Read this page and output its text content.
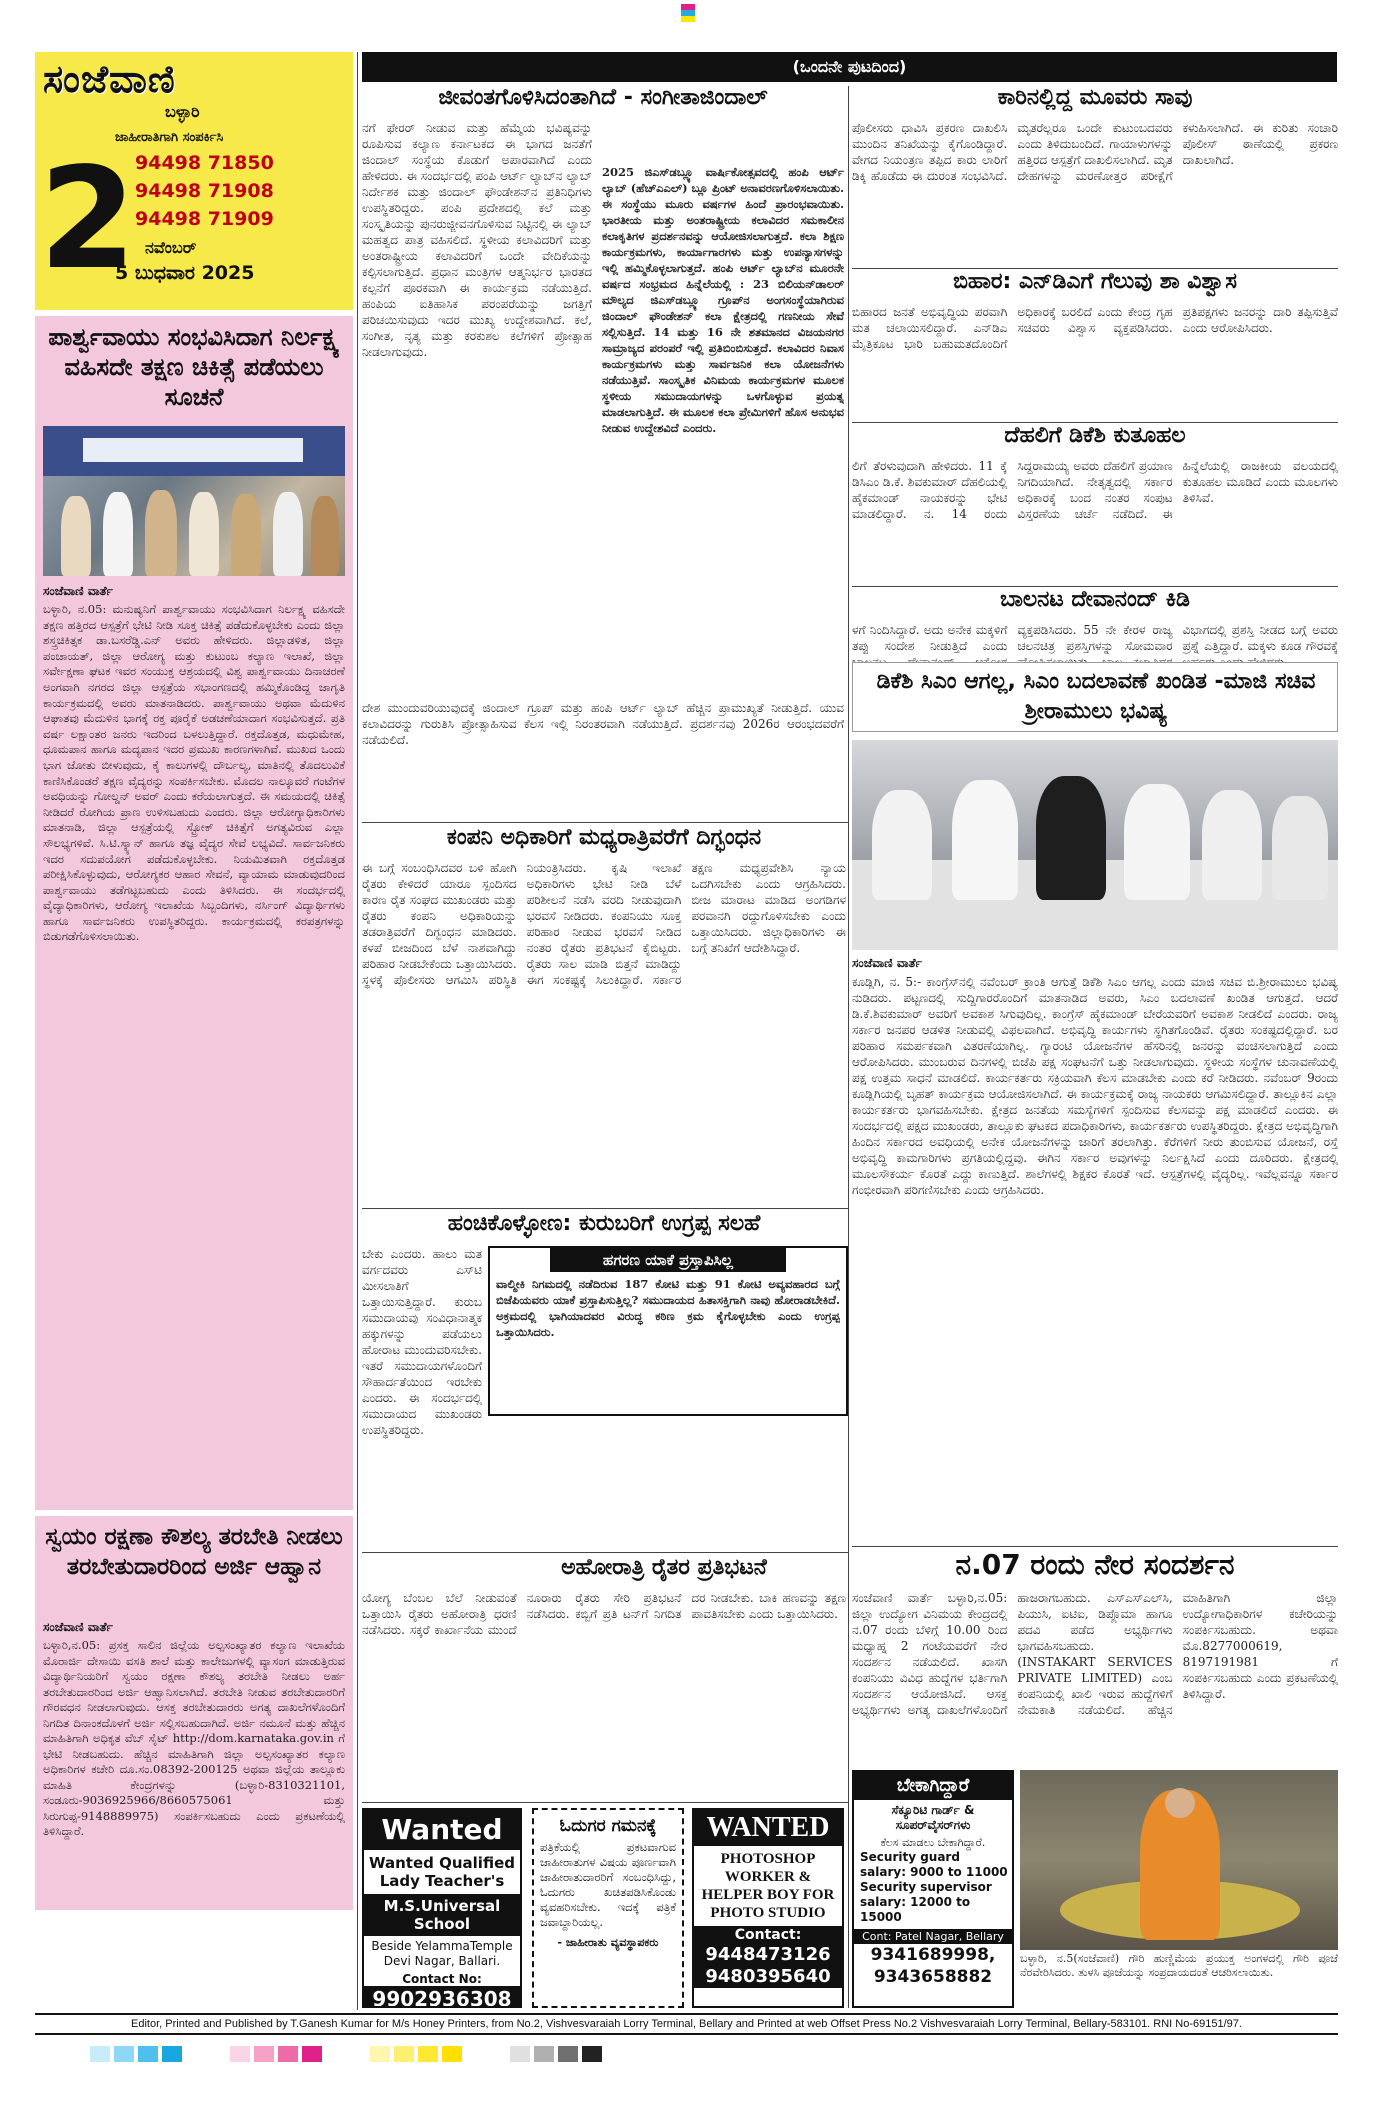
ಸಂಜೆವಾಣಿ
ಬಳ್ಳಾರಿ
ಜಾಹೀರಾತಿಗಾಗಿ ಸಂಪರ್ಕಿಸಿ
2
94498 71850
94498 71908
94498 71909
ನವೆಂಬರ್
5 ಬುಧವಾರ 2025
ಪಾರ್ಶ್ವವಾಯು ಸಂಭವಿಸಿದಾಗ ನಿರ್ಲಕ್ಷ್ಯ ವಹಿಸದೇ ತಕ್ಷಣ ಚಿಕಿತ್ಸೆ ಪಡೆಯಲು ಸೂಚನೆ
ಸಂಜೆವಾಣಿ ವಾರ್ತೆ
ಬಳ್ಳಾರಿ, ನ.05: ಮನುಷ್ಯನಿಗೆ ಪಾರ್ಶ್ವವಾಯು ಸಂಭವಿಸಿದಾಗ ನಿರ್ಲಕ್ಷ್ಯ ವಹಿಸದೇ ತಕ್ಷಣ ಹತ್ತಿರದ ಆಸ್ಪತ್ರೆಗೆ ಭೇಟಿ ನೀಡಿ ಸೂಕ್ತ ಚಿಕಿತ್ಸೆ ಪಡೆದುಕೊಳ್ಳಬೇಕು ಎಂದು ಜಿಲ್ಲಾ ಶಸ್ತ್ರಚಿಕಿತ್ಸಕ ಡಾ.ಬಸರೆಡ್ಡಿ.ಎನ್ ಅವರು ಹೇಳಿದರು. ಜಿಲ್ಲಾಡಳಿತ, ಜಿಲ್ಲಾ ಪಂಚಾಯತ್, ಜಿಲ್ಲಾ ಆರೋಗ್ಯ ಮತ್ತು ಕುಟುಂಬ ಕಲ್ಯಾಣ ಇಲಾಖೆ, ಜಿಲ್ಲಾ ಸರ್ವೇಕ್ಷಣಾ ಘಟಕ ಇವರ ಸಂಯುಕ್ತ ಆಶ್ರಯದಲ್ಲಿ ವಿಶ್ವ ಪಾರ್ಶ್ವವಾಯು ದಿನಾಚರಣೆ ಅಂಗವಾಗಿ ನಗರದ ಜಿಲ್ಲಾ ಆಸ್ಪತ್ರೆಯ ಸಭಾಂಗಣದಲ್ಲಿ ಹಮ್ಮಿಕೊಂಡಿದ್ದ ಜಾಗೃತಿ ಕಾರ್ಯಕ್ರಮದಲ್ಲಿ ಅವರು ಮಾತನಾಡಿದರು. ಪಾರ್ಶ್ವವಾಯು ಅಥವಾ ಮೆದುಳಿನ ಆಘಾತವು ಮೆದುಳಿನ ಭಾಗಕ್ಕೆ ರಕ್ತ ಪೂರೈಕೆ ಅಡಚಣೆಯಾದಾಗ ಸಂಭವಿಸುತ್ತದೆ. ಪ್ರತಿ ವರ್ಷ ಲಕ್ಷಾಂತರ ಜನರು ಇದರಿಂದ ಬಳಲುತ್ತಿದ್ದಾರೆ. ರಕ್ತದೊತ್ತಡ, ಮಧುಮೇಹ, ಧೂಮಪಾನ ಹಾಗೂ ಮದ್ಯಪಾನ ಇದರ ಪ್ರಮುಖ ಕಾರಣಗಳಾಗಿವೆ. ಮುಖದ ಒಂದು ಭಾಗ ಜೋತು ಬೀಳುವುದು, ಕೈ ಕಾಲುಗಳಲ್ಲಿ ದೌರ್ಬಲ್ಯ, ಮಾತಿನಲ್ಲಿ ತೊದಲುವಿಕೆ ಕಾಣಿಸಿಕೊಂಡರೆ ತಕ್ಷಣ ವೈದ್ಯರನ್ನು ಸಂಪರ್ಕಿಸಬೇಕು. ಮೊದಲ ನಾಲ್ಕೂವರೆ ಗಂಟೆಗಳ ಅವಧಿಯನ್ನು ಗೋಲ್ಡನ್ ಅವರ್ ಎಂದು ಕರೆಯಲಾಗುತ್ತದೆ. ಈ ಸಮಯದಲ್ಲಿ ಚಿಕಿತ್ಸೆ ನೀಡಿದರೆ ರೋಗಿಯ ಪ್ರಾಣ ಉಳಿಸಬಹುದು ಎಂದರು. ಜಿಲ್ಲಾ ಆರೋಗ್ಯಾಧಿಕಾರಿಗಳು ಮಾತನಾಡಿ, ಜಿಲ್ಲಾ ಆಸ್ಪತ್ರೆಯಲ್ಲಿ ಸ್ಟ್ರೋಕ್ ಚಿಕಿತ್ಸೆಗೆ ಅಗತ್ಯವಿರುವ ಎಲ್ಲಾ ಸೌಲಭ್ಯಗಳಿವೆ. ಸಿ.ಟಿ.ಸ್ಕ್ಯಾನ್ ಹಾಗೂ ತಜ್ಞ ವೈದ್ಯರ ಸೇವೆ ಲಭ್ಯವಿದೆ. ಸಾರ್ವಜನಿಕರು ಇದರ ಸದುಪಯೋಗ ಪಡೆದುಕೊಳ್ಳಬೇಕು. ನಿಯಮಿತವಾಗಿ ರಕ್ತದೊತ್ತಡ ಪರೀಕ್ಷಿಸಿಕೊಳ್ಳುವುದು, ಆರೋಗ್ಯಕರ ಆಹಾರ ಸೇವನೆ, ವ್ಯಾಯಾಮ ಮಾಡುವುದರಿಂದ ಪಾರ್ಶ್ವವಾಯು ತಡೆಗಟ್ಟಬಹುದು ಎಂದು ತಿಳಿಸಿದರು. ಈ ಸಂದರ್ಭದಲ್ಲಿ ವೈದ್ಯಾಧಿಕಾರಿಗಳು, ಆರೋಗ್ಯ ಇಲಾಖೆಯ ಸಿಬ್ಬಂದಿಗಳು, ನರ್ಸಿಂಗ್ ವಿದ್ಯಾರ್ಥಿಗಳು ಹಾಗೂ ಸಾರ್ವಜನಿಕರು ಉಪಸ್ಥಿತರಿದ್ದರು. ಕಾರ್ಯಕ್ರಮದಲ್ಲಿ ಕರಪತ್ರಗಳನ್ನು ಬಿಡುಗಡೆಗೊಳಿಸಲಾಯಿತು.
ಸ್ವಯಂ ರಕ್ಷಣಾ ಕೌಶಲ್ಯ ತರಬೇತಿ ನೀಡಲು ತರಬೇತುದಾರರಿಂದ ಅರ್ಜಿ ಆಹ್ವಾನ
ಸಂಜೆವಾಣಿ ವಾರ್ತೆ
ಬಳ್ಳಾರಿ,ನ.05: ಪ್ರಸಕ್ತ ಸಾಲಿನ ಜಿಲ್ಲೆಯ ಅಲ್ಪಸಂಖ್ಯಾತರ ಕಲ್ಯಾಣ ಇಲಾಖೆಯ ಮೊರಾರ್ಜಿ ದೇಸಾಯಿ ವಸತಿ ಶಾಲೆ ಮತ್ತು ಕಾಲೇಜುಗಳಲ್ಲಿ ವ್ಯಾಸಂಗ ಮಾಡುತ್ತಿರುವ ವಿದ್ಯಾರ್ಥಿನಿಯರಿಗೆ ಸ್ವಯಂ ರಕ್ಷಣಾ ಕೌಶಲ್ಯ ತರಬೇತಿ ನೀಡಲು ಅರ್ಹ ತರಬೇತುದಾರರಿಂದ ಅರ್ಜಿ ಆಹ್ವಾನಿಸಲಾಗಿದೆ. ತರಬೇತಿ ನೀಡುವ ತರಬೇತುದಾರರಿಗೆ ಗೌರವಧನ ನೀಡಲಾಗುವುದು. ಆಸಕ್ತ ತರಬೇತುದಾರರು ಅಗತ್ಯ ದಾಖಲೆಗಳೊಂದಿಗೆ ನಿಗದಿತ ದಿನಾಂಕದೊಳಗೆ ಅರ್ಜಿ ಸಲ್ಲಿಸಬಹುದಾಗಿದೆ. ಅರ್ಜಿ ನಮೂನೆ ಮತ್ತು ಹೆಚ್ಚಿನ ಮಾಹಿತಿಗಾಗಿ ಅಧಿಕೃತ ವೆಬ್ ಸೈಟ್ http://dom.karnataka.gov.in ಗೆ ಭೇಟಿ ನೀಡಬಹುದು. ಹೆಚ್ಚಿನ ಮಾಹಿತಿಗಾಗಿ ಜಿಲ್ಲಾ ಅಲ್ಪಸಂಖ್ಯಾತರ ಕಲ್ಯಾಣ ಅಧಿಕಾರಿಗಳ ಕಚೇರಿ ದೂ.ಸಂ.08392-200125 ಅಥವಾ ಜಿಲ್ಲೆಯ ತಾಲ್ಲೂಕು ಮಾಹಿತಿ ಕೇಂದ್ರಗಳನ್ನು (ಬಳ್ಳಾರಿ-8310321101, ಸಂಡೂರು-9036925966/8660575061 ಮತ್ತು ಸಿರುಗುಪ್ಪ-9148889975) ಸಂಪರ್ಕಿಸಬಹುದು ಎಂದು ಪ್ರಕಟಣೆಯಲ್ಲಿ ತಿಳಿಸಿದ್ದಾರೆ.
(ಒಂದನೇ ಪುಟದಿಂದ)
ಜೀವಂತಗೊಳಿಸಿದಂತಾಗಿದೆ - ಸಂಗೀತಾಜಿಂದಾಲ್
ನಗೆ ಫೇರರ್ ನೀಡುವ ಮತ್ತು ಹೆಮ್ಮೆಯ ಭವಿಷ್ಯವನ್ನು ರೂಪಿಸುವ ಕಲ್ಯಾಣ ಕರ್ನಾಟಕದ ಈ ಭಾಗದ ಜನತೆಗೆ ಜಿಂದಾಲ್ ಸಂಸ್ಥೆಯ ಕೊಡುಗೆ ಅಪಾರವಾಗಿದೆ ಎಂದು ಹೇಳಿದರು. ಈ ಸಂದರ್ಭದಲ್ಲಿ ಪಂಪಿ ಆರ್ಟ್ ಲ್ಯಾಬ್‌ನ ಲ್ಯಾಬ್ ನಿರ್ದೇಶಕ ಮತ್ತು ಜಿಂದಾಲ್ ಫೌಂಡೇಶನ್‌ನ ಪ್ರತಿನಿಧಿಗಳು ಉಪಸ್ಥಿತರಿದ್ದರು. ಪಂಪಿ ಪ್ರದೇಶದಲ್ಲಿ ಕಲೆ ಮತ್ತು ಸಂಸ್ಕೃತಿಯನ್ನು ಪುನರುಜ್ಜೀವನಗೊಳಿಸುವ ನಿಟ್ಟಿನಲ್ಲಿ ಈ ಲ್ಯಾಬ್ ಮಹತ್ವದ ಪಾತ್ರ ವಹಿಸಲಿದೆ. ಸ್ಥಳೀಯ ಕಲಾವಿದರಿಗೆ ಮತ್ತು ಅಂತರಾಷ್ಟ್ರೀಯ ಕಲಾವಿದರಿಗೆ ಒಂದೇ ವೇದಿಕೆಯನ್ನು ಕಲ್ಪಿಸಲಾಗುತ್ತಿದೆ. ಪ್ರಧಾನ ಮಂತ್ರಿಗಳ ಆತ್ಮನಿರ್ಭರ ಭಾರತದ ಕಲ್ಪನೆಗೆ ಪೂರಕವಾಗಿ ಈ ಕಾರ್ಯಕ್ರಮ ನಡೆಯುತ್ತಿದೆ. ಹಂಪಿಯ ಐತಿಹಾಸಿಕ ಪರಂಪರೆಯನ್ನು ಜಗತ್ತಿಗೆ ಪರಿಚಯಿಸುವುದು ಇದರ ಮುಖ್ಯ ಉದ್ದೇಶವಾಗಿದೆ. ಕಲೆ, ಸಂಗೀತ, ನೃತ್ಯ ಮತ್ತು ಕರಕುಶಲ ಕಲೆಗಳಿಗೆ ಪ್ರೋತ್ಸಾಹ ನೀಡಲಾಗುವುದು.
2025 ಜಿಎಸ್‌ಡಬ್ಲ್ಯೂ ವಾರ್ಷಿಕೋತ್ಸವದಲ್ಲಿ ಹಂಪಿ ಆರ್ಟ್ ಲ್ಯಾಬ್ (ಹೆಚ್‌ಎಎಲ್) ಬ್ಲೂ ಪ್ರಿಂಟ್ ಅನಾವರಣಗೊಳಿಸಲಾಯಿತು. ಈ ಸಂಸ್ಥೆಯು ಮೂರು ವರ್ಷಗಳ ಹಿಂದೆ ಪ್ರಾರಂಭವಾಯಿತು. ಭಾರತೀಯ ಮತ್ತು ಅಂತರಾಷ್ಟ್ರೀಯ ಕಲಾವಿದರ ಸಮಕಾಲೀನ ಕಲಾಕೃತಿಗಳ ಪ್ರದರ್ಶನವನ್ನು ಆಯೋಜಿಸಲಾಗುತ್ತದೆ. ಕಲಾ ಶಿಕ್ಷಣ ಕಾರ್ಯಕ್ರಮಗಳು, ಕಾರ್ಯಾಗಾರಗಳು ಮತ್ತು ಉಪನ್ಯಾಸಗಳನ್ನು ಇಲ್ಲಿ ಹಮ್ಮಿಕೊಳ್ಳಲಾಗುತ್ತದೆ. ಹಂಪಿ ಆರ್ಟ್ ಲ್ಯಾಬ್‌ನ ಮೂರನೇ ವರ್ಷದ ಸಂಭ್ರಮದ ಹಿನ್ನೆಲೆಯಲ್ಲಿ : 23 ಬಿಲಿಯನ್‌ಡಾಲರ್ ಮೌಲ್ಯದ ಜಿಎಸ್‌ಡಬ್ಲ್ಯೂ ಗ್ರೂಪ್‌ನ ಅಂಗಸಂಸ್ಥೆಯಾಗಿರುವ ಜಿಂದಾಲ್ ಫೌಂಡೇಶನ್ ಕಲಾ ಕ್ಷೇತ್ರದಲ್ಲಿ ಗಣನೀಯ ಸೇವೆ ಸಲ್ಲಿಸುತ್ತಿದೆ. 14 ಮತ್ತು 16 ನೇ ಶತಮಾನದ ವಿಜಯನಗರ ಸಾಮ್ರಾಜ್ಯದ ಪರಂಪರೆ ಇಲ್ಲಿ ಪ್ರತಿಬಿಂಬಿಸುತ್ತದೆ. ಕಲಾವಿದರ ನಿವಾಸ ಕಾರ್ಯಕ್ರಮಗಳು ಮತ್ತು ಸಾರ್ವಜನಿಕ ಕಲಾ ಯೋಜನೆಗಳು ನಡೆಯುತ್ತಿವೆ. ಸಾಂಸ್ಕೃತಿಕ ವಿನಿಮಯ ಕಾರ್ಯಕ್ರಮಗಳ ಮೂಲಕ ಸ್ಥಳೀಯ ಸಮುದಾಯಗಳನ್ನು ಒಳಗೊಳ್ಳುವ ಪ್ರಯತ್ನ ಮಾಡಲಾಗುತ್ತಿದೆ. ಈ ಮೂಲಕ ಕಲಾ ಪ್ರೇಮಿಗಳಿಗೆ ಹೊಸ ಅನುಭವ ನೀಡುವ ಉದ್ದೇಶವಿದೆ ಎಂದರು.
ದೇಶ ಮುಂದುವರಿಯುವುದಕ್ಕೆ ಜಿಂದಾಲ್ ಗ್ರೂಪ್ ಮತ್ತು ಹಂಪಿ ಆರ್ಟ್ ಲ್ಯಾಬ್ ಹೆಚ್ಚಿನ ಪ್ರಾಮುಖ್ಯತೆ ನೀಡುತ್ತಿದೆ. ಯುವ ಕಲಾವಿದರನ್ನು ಗುರುತಿಸಿ ಪ್ರೋತ್ಸಾಹಿಸುವ ಕೆಲಸ ಇಲ್ಲಿ ನಿರಂತರವಾಗಿ ನಡೆಯುತ್ತಿದೆ. ಪ್ರದರ್ಶನವು 2026ರ ಆರಂಭದವರೆಗೆ ನಡೆಯಲಿದೆ.
ಕಂಪನಿ ಅಧಿಕಾರಿಗೆ ಮಧ್ಯರಾತ್ರಿವರೆಗೆ ದಿಗ್ಭಂಧನ
ಈ ಬಗ್ಗೆ ಸಂಬಂಧಿಸಿದವರ ಬಳಿ ಹೋಗಿ ರೈತರು ಕೇಳಿದರೆ ಯಾರೂ ಸ್ಪಂದಿಸದ ಕಾರಣ ರೈತ ಸಂಘದ ಮುಖಂಡರು ಮತ್ತು ರೈತರು ಕಂಪನಿ ಅಧಿಕಾರಿಯನ್ನು ತಡರಾತ್ರಿವರೆಗೆ ದಿಗ್ಭಂಧನ ಮಾಡಿದರು. ಕಳಪೆ ಬೀಜದಿಂದ ಬೆಳೆ ನಾಶವಾಗಿದ್ದು ಪರಿಹಾರ ನೀಡಬೇಕೆಂದು ಒತ್ತಾಯಿಸಿದರು. ಸ್ಥಳಕ್ಕೆ ಪೊಲೀಸರು ಆಗಮಿಸಿ ಪರಿಸ್ಥಿತಿ ನಿಯಂತ್ರಿಸಿದರು. ಕೃಷಿ ಇಲಾಖೆ ಅಧಿಕಾರಿಗಳು ಭೇಟಿ ನೀಡಿ ಬೆಳೆ ಪರಿಶೀಲನೆ ನಡೆಸಿ ವರದಿ ನೀಡುವುದಾಗಿ ಭರವಸೆ ನೀಡಿದರು. ಕಂಪನಿಯು ಸೂಕ್ತ ಪರಿಹಾರ ನೀಡುವ ಭರವಸೆ ನೀಡಿದ ನಂತರ ರೈತರು ಪ್ರತಿಭಟನೆ ಕೈಬಿಟ್ಟರು. ರೈತರು ಸಾಲ ಮಾಡಿ ಬಿತ್ತನೆ ಮಾಡಿದ್ದು ಈಗ ಸಂಕಷ್ಟಕ್ಕೆ ಸಿಲುಕಿದ್ದಾರೆ. ಸರ್ಕಾರ ತಕ್ಷಣ ಮಧ್ಯಪ್ರವೇಶಿಸಿ ನ್ಯಾಯ ಒದಗಿಸಬೇಕು ಎಂದು ಆಗ್ರಹಿಸಿದರು. ಬೀಜ ಮಾರಾಟ ಮಾಡಿದ ಅಂಗಡಿಗಳ ಪರವಾನಗಿ ರದ್ದುಗೊಳಿಸಬೇಕು ಎಂದು ಒತ್ತಾಯಿಸಿದರು. ಜಿಲ್ಲಾಧಿಕಾರಿಗಳು ಈ ಬಗ್ಗೆ ತನಿಖೆಗೆ ಆದೇಶಿಸಿದ್ದಾರೆ.
ಹಂಚಿಕೊಳ್ಳೋಣ: ಕುರುಬರಿಗೆ ಉಗ್ರಪ್ಪ ಸಲಹೆ
ಬೇಕು ಎಂದರು. ಹಾಲು ಮತ ವರ್ಗದವರು ಎಸ್‌ಟಿ ಮೀಸಲಾತಿಗೆ ಒತ್ತಾಯಿಸುತ್ತಿದ್ದಾರೆ. ಕುರುಬ ಸಮುದಾಯವು ಸಂವಿಧಾನಾತ್ಮಕ ಹಕ್ಕುಗಳನ್ನು ಪಡೆಯಲು ಹೋರಾಟ ಮುಂದುವರಿಸಬೇಕು. ಇತರೆ ಸಮುದಾಯಗಳೊಂದಿಗೆ ಸೌಹಾರ್ದತೆಯಿಂದ ಇರಬೇಕು ಎಂದರು. ಈ ಸಂದರ್ಭದಲ್ಲಿ ಸಮುದಾಯದ ಮುಖಂಡರು ಉಪಸ್ಥಿತರಿದ್ದರು.
ಹಗರಣ ಯಾಕೆ ಪ್ರಸ್ತಾಪಿಸಿಲ್ಲ
ವಾಲ್ಮೀಕಿ ನಿಗಮದಲ್ಲಿ ನಡೆದಿರುವ 187 ಕೋಟಿ ಮತ್ತು 91 ಕೋಟಿ ಅವ್ಯವಹಾರದ ಬಗ್ಗೆ ಬಿಜೆಪಿಯವರು ಯಾಕೆ ಪ್ರಸ್ತಾಪಿಸುತ್ತಿಲ್ಲ? ಸಮುದಾಯದ ಹಿತಾಸಕ್ತಿಗಾಗಿ ನಾವು ಹೋರಾಡಬೇಕಿದೆ. ಅಕ್ರಮದಲ್ಲಿ ಭಾಗಿಯಾದವರ ವಿರುದ್ಧ ಕಠಿಣ ಕ್ರಮ ಕೈಗೊಳ್ಳಬೇಕು ಎಂದು ಉಗ್ರಪ್ಪ ಒತ್ತಾಯಿಸಿದರು.
ಅಹೋರಾತ್ರಿ ರೈತರ ಪ್ರತಿಭಟನೆ
ಯೋಗ್ಯ ಬೆಂಬಲ ಬೆಲೆ ನೀಡುವಂತೆ ಒತ್ತಾಯಿಸಿ ರೈತರು ಅಹೋರಾತ್ರಿ ಧರಣಿ ನಡೆಸಿದರು. ಸಕ್ಕರೆ ಕಾರ್ಖಾನೆಯ ಮುಂದೆ ನೂರಾರು ರೈತರು ಸೇರಿ ಪ್ರತಿಭಟನೆ ನಡೆಸಿದರು. ಕಬ್ಬಿಗೆ ಪ್ರತಿ ಟನ್‌ಗೆ ನಿಗದಿತ ದರ ನೀಡಬೇಕು. ಬಾಕಿ ಹಣವನ್ನು ತಕ್ಷಣ ಪಾವತಿಸಬೇಕು ಎಂದು ಒತ್ತಾಯಿಸಿದರು.
ಕಾರಿನಲ್ಲಿದ್ದ ಮೂವರು ಸಾವು
ಪೊಲೀಸರು ಧಾವಿಸಿ ಪ್ರಕರಣ ದಾಖಲಿಸಿ ಮುಂದಿನ ತನಿಖೆಯನ್ನು ಕೈಗೊಂಡಿದ್ದಾರೆ. ವೇಗದ ನಿಯಂತ್ರಣ ತಪ್ಪಿದ ಕಾರು ಲಾರಿಗೆ ಡಿಕ್ಕಿ ಹೊಡೆದು ಈ ದುರಂತ ಸಂಭವಿಸಿದೆ. ಮೃತರೆಲ್ಲರೂ ಒಂದೇ ಕುಟುಂಬದವರು ಎಂದು ತಿಳಿದುಬಂದಿದೆ. ಗಾಯಾಳುಗಳನ್ನು ಹತ್ತಿರದ ಆಸ್ಪತ್ರೆಗೆ ದಾಖಲಿಸಲಾಗಿದೆ. ಮೃತ ದೇಹಗಳನ್ನು ಮರಣೋತ್ತರ ಪರೀಕ್ಷೆಗೆ ಕಳುಹಿಸಲಾಗಿದೆ. ಈ ಕುರಿತು ಸಂಚಾರಿ ಪೊಲೀಸ್ ಠಾಣೆಯಲ್ಲಿ ಪ್ರಕರಣ ದಾಖಲಾಗಿದೆ.
ಬಿಹಾರ: ಎನ್‌ಡಿಎಗೆ ಗೆಲುವು ಶಾ ವಿಶ್ವಾಸ
ಬಿಹಾರದ ಜನತೆ ಅಭಿವೃದ್ಧಿಯ ಪರವಾಗಿ ಮತ ಚಲಾಯಿಸಲಿದ್ದಾರೆ. ಎನ್‌ಡಿಎ ಮೈತ್ರಿಕೂಟ ಭಾರಿ ಬಹುಮತದೊಂದಿಗೆ ಅಧಿಕಾರಕ್ಕೆ ಬರಲಿದೆ ಎಂದು ಕೇಂದ್ರ ಗೃಹ ಸಚಿವರು ವಿಶ್ವಾಸ ವ್ಯಕ್ತಪಡಿಸಿದರು. ಪ್ರತಿಪಕ್ಷಗಳು ಜನರನ್ನು ದಾರಿ ತಪ್ಪಿಸುತ್ತಿವೆ ಎಂದು ಆರೋಪಿಸಿದರು.
ದೆಹಲಿಗೆ ಡಿಕೆಶಿ ಕುತೂಹಲ
ಲಿಗೆ ತೆರಳುವುದಾಗಿ ಹೇಳಿದರು. 11 ಕ್ಕೆ ಡಿಸಿಎಂ ಡಿ.ಕೆ. ಶಿವಕುಮಾರ್ ದೆಹಲಿಯಲ್ಲಿ ಹೈಕಮಾಂಡ್ ನಾಯಕರನ್ನು ಭೇಟಿ ಮಾಡಲಿದ್ದಾರೆ. ನ. 14 ರಂದು ಸಿದ್ದರಾಮಯ್ಯ ಅವರು ದೆಹಲಿಗೆ ಪ್ರಯಾಣ ನಿಗದಿಯಾಗಿದೆ. ನೇತೃತ್ವದಲ್ಲಿ ಸರ್ಕಾರ ಅಧಿಕಾರಕ್ಕೆ ಬಂದ ನಂತರ ಸಂಪುಟ ವಿಸ್ತರಣೆಯ ಚರ್ಚೆ ನಡೆದಿದೆ. ಈ ಹಿನ್ನೆಲೆಯಲ್ಲಿ ರಾಜಕೀಯ ವಲಯದಲ್ಲಿ ಕುತೂಹಲ ಮೂಡಿದೆ ಎಂದು ಮೂಲಗಳು ತಿಳಿಸಿವೆ.
ಬಾಲನಟ ದೇವಾನಂದ್ ಕಿಡಿ
ಳಗೆ ನಿಂದಿಸಿದ್ದಾರೆ. ಅದು ಅನೇಕ ಮಕ್ಕಳಿಗೆ ತಪ್ಪು ಸಂದೇಶ ನೀಡುತ್ತಿದೆ ಎಂದು ವ್ಯಕ್ತಪಡಿಸಿದರು. 55 ನೇ ಕೇರಳ ರಾಜ್ಯ ಚಲನಚಿತ್ರ ಪ್ರಶಸ್ತಿಗಳನ್ನು ಸೋಮವಾರ ವಿಭಾಗದಲ್ಲಿ ಪ್ರಶಸ್ತಿ ನೀಡದ ಬಗ್ಗೆ ಅವರು ಪ್ರಶ್ನೆ ಎತ್ತಿದ್ದಾರೆ. ಮಕ್ಕಳು ಕೂಡ ಗೌರವಕ್ಕೆ
ಡಿಕೆಶಿ ಸಿಎಂ ಆಗಲ್ಲ, ಸಿಎಂ ಬದಲಾವಣೆ ಖಂಡಿತ -ಮಾಜಿ ಸಚಿವ ಶ್ರೀರಾಮುಲು ಭವಿಷ್ಯ
ಸಂಜೆವಾಣಿ ವಾರ್ತೆ
ಕೂಡ್ಲಿಗಿ, ನ. 5:- ಕಾಂಗ್ರೆಸ್‌ನಲ್ಲಿ ನವೆಂಬರ್ ಕ್ರಾಂತಿ ಆಗುತ್ತೆ ಡಿಕೆಶಿ ಸಿಎಂ ಆಗಲ್ಲ ಎಂದು ಮಾಜಿ ಸಚಿವ ಬಿ.ಶ್ರೀರಾಮುಲು ಭವಿಷ್ಯ ನುಡಿದರು. ಪಟ್ಟಣದಲ್ಲಿ ಸುದ್ದಿಗಾರರೊಂದಿಗೆ ಮಾತನಾಡಿದ ಅವರು, ಸಿಎಂ ಬದಲಾವಣೆ ಖಂಡಿತ ಆಗುತ್ತದೆ. ಆದರೆ ಡಿ.ಕೆ.ಶಿವಕುಮಾರ್ ಅವರಿಗೆ ಅವಕಾಶ ಸಿಗುವುದಿಲ್ಲ. ಕಾಂಗ್ರೆಸ್ ಹೈಕಮಾಂಡ್ ಬೇರೆಯವರಿಗೆ ಅವಕಾಶ ನೀಡಲಿದೆ ಎಂದರು. ರಾಜ್ಯ ಸರ್ಕಾರ ಜನಪರ ಆಡಳಿತ ನೀಡುವಲ್ಲಿ ವಿಫಲವಾಗಿದೆ. ಅಭಿವೃದ್ಧಿ ಕಾರ್ಯಗಳು ಸ್ಥಗಿತಗೊಂಡಿವೆ. ರೈತರು ಸಂಕಷ್ಟದಲ್ಲಿದ್ದಾರೆ. ಬರ ಪರಿಹಾರ ಸಮರ್ಪಕವಾಗಿ ವಿತರಣೆಯಾಗಿಲ್ಲ. ಗ್ಯಾರಂಟಿ ಯೋಜನೆಗಳ ಹೆಸರಿನಲ್ಲಿ ಜನರನ್ನು ವಂಚಿಸಲಾಗುತ್ತಿದೆ ಎಂದು ಆರೋಪಿಸಿದರು. ಮುಂಬರುವ ದಿನಗಳಲ್ಲಿ ಬಿಜೆಪಿ ಪಕ್ಷ ಸಂಘಟನೆಗೆ ಒತ್ತು ನೀಡಲಾಗುವುದು. ಸ್ಥಳೀಯ ಸಂಸ್ಥೆಗಳ ಚುನಾವಣೆಯಲ್ಲಿ ಪಕ್ಷ ಉತ್ತಮ ಸಾಧನೆ ಮಾಡಲಿದೆ. ಕಾರ್ಯಕರ್ತರು ಸಕ್ರಿಯವಾಗಿ ಕೆಲಸ ಮಾಡಬೇಕು ಎಂದು ಕರೆ ನೀಡಿದರು. ನವೆಂಬರ್ 9ರಂದು ಕೂಡ್ಲಿಗಿಯಲ್ಲಿ ಬೃಹತ್ ಕಾರ್ಯಕ್ರಮ ಆಯೋಜಿಸಲಾಗಿದೆ. ಈ ಕಾರ್ಯಕ್ರಮಕ್ಕೆ ರಾಜ್ಯ ನಾಯಕರು ಆಗಮಿಸಲಿದ್ದಾರೆ. ತಾಲ್ಲೂಕಿನ ಎಲ್ಲಾ ಕಾರ್ಯಕರ್ತರು ಭಾಗವಹಿಸಬೇಕು. ಕ್ಷೇತ್ರದ ಜನತೆಯ ಸಮಸ್ಯೆಗಳಿಗೆ ಸ್ಪಂದಿಸುವ ಕೆಲಸವನ್ನು ಪಕ್ಷ ಮಾಡಲಿದೆ ಎಂದರು. ಈ ಸಂದರ್ಭದಲ್ಲಿ ಪಕ್ಷದ ಮುಖಂಡರು, ತಾಲ್ಲೂಕು ಘಟಕದ ಪದಾಧಿಕಾರಿಗಳು, ಕಾರ್ಯಕರ್ತರು ಉಪಸ್ಥಿತರಿದ್ದರು. ಕ್ಷೇತ್ರದ ಅಭಿವೃದ್ಧಿಗಾಗಿ ಹಿಂದಿನ ಸರ್ಕಾರದ ಅವಧಿಯಲ್ಲಿ ಅನೇಕ ಯೋಜನೆಗಳನ್ನು ಜಾರಿಗೆ ತರಲಾಗಿತ್ತು. ಕೆರೆಗಳಿಗೆ ನೀರು ತುಂಬಿಸುವ ಯೋಜನೆ, ರಸ್ತೆ ಅಭಿವೃದ್ಧಿ ಕಾಮಗಾರಿಗಳು ಪ್ರಗತಿಯಲ್ಲಿದ್ದವು. ಈಗಿನ ಸರ್ಕಾರ ಅವುಗಳನ್ನು ನಿರ್ಲಕ್ಷಿಸಿದೆ ಎಂದು ದೂರಿದರು. ಕ್ಷೇತ್ರದಲ್ಲಿ ಮೂಲಸೌಕರ್ಯ ಕೊರತೆ ಎದ್ದು ಕಾಣುತ್ತಿದೆ. ಶಾಲೆಗಳಲ್ಲಿ ಶಿಕ್ಷಕರ ಕೊರತೆ ಇದೆ. ಆಸ್ಪತ್ರೆಗಳಲ್ಲಿ ವೈದ್ಯರಿಲ್ಲ. ಇವೆಲ್ಲವನ್ನೂ ಸರ್ಕಾರ ಗಂಭೀರವಾಗಿ ಪರಿಗಣಿಸಬೇಕು ಎಂದು ಆಗ್ರಹಿಸಿದರು.
ನ.07 ರಂದು ನೇರ ಸಂದರ್ಶನ
ಸಂಜೆವಾಣಿ ವಾರ್ತೆ ಬಳ್ಳಾರಿ,ನ.05: ಜಿಲ್ಲಾ ಉದ್ಯೋಗ ವಿನಿಮಯ ಕೇಂದ್ರದಲ್ಲಿ ನ.07 ರಂದು ಬೆಳಿಗ್ಗೆ 10.00 ರಿಂದ ಮಧ್ಯಾಹ್ನ 2 ಗಂಟೆಯವರೆಗೆ ನೇರ ಸಂದರ್ಶನ ನಡೆಯಲಿದೆ. ಖಾಸಗಿ ಕಂಪನಿಯು ವಿವಿಧ ಹುದ್ದೆಗಳ ಭರ್ತಿಗಾಗಿ ಸಂದರ್ಶನ ಆಯೋಜಿಸಿದೆ. ಆಸಕ್ತ ಅಭ್ಯರ್ಥಿಗಳು ಅಗತ್ಯ ದಾಖಲೆಗಳೊಂದಿಗೆ ಹಾಜರಾಗಬಹುದು. ಎಸ್‌ಎಸ್‌ಎಲ್‌ಸಿ, ಪಿಯುಸಿ, ಐಟಿಐ, ಡಿಪ್ಲೊಮಾ ಹಾಗೂ ಪದವಿ ಪಡೆದ ಅಭ್ಯರ್ಥಿಗಳು ಭಾಗವಹಿಸಬಹುದು. (INSTAKART SERVICES PRIVATE LIMITED) ಎಂಬ ಕಂಪನಿಯಲ್ಲಿ ಖಾಲಿ ಇರುವ ಹುದ್ದೆಗಳಿಗೆ ನೇಮಕಾತಿ ನಡೆಯಲಿದೆ. ಹೆಚ್ಚಿನ ಮಾಹಿತಿಗಾಗಿ ಜಿಲ್ಲಾ ಉದ್ಯೋಗಾಧಿಕಾರಿಗಳ ಕಚೇರಿಯನ್ನು ಸಂಪರ್ಕಿಸಬಹುದು. ಅಥವಾ ಮೊ.8277000619, 8197191981 ಗೆ ಸಂಪರ್ಕಿಸಬಹುದು ಎಂದು ಪ್ರಕಟಣೆಯಲ್ಲಿ ತಿಳಿಸಿದ್ದಾರೆ.
ಬಳ್ಳಾರಿ, ನ.5(ಸಂಜೆವಾಣಿ) ಗೌರಿ ಹುಣ್ಣಿಮೆಯ ಪ್ರಯುಕ್ತ ಅಂಗಳದಲ್ಲಿ ಗೌರಿ ಪೂಜೆ ನೆರವೇರಿಸಿದರು. ತುಳಸಿ ಪೂಜೆಯನ್ನು ಸಂಪ್ರದಾಯದಂತೆ ಆಚರಿಸಲಾಯಿತು.
Wanted
Wanted Qualified Lady Teacher's
M.S.Universal School
Beside YelammaTemple Devi Nagar, Ballari.
Contact No:
9902936308
ಓದುಗರ ಗಮನಕ್ಕೆ
ಪತ್ರಿಕೆಯಲ್ಲಿ ಪ್ರಕಟವಾಗುವ ಜಾಹೀರಾತುಗಳ ವಿಷಯ ಪೂರ್ಣವಾಗಿ ಜಾಹೀರಾತುದಾರರಿಗೆ ಸಂಬಂಧಿಸಿದ್ದು, ಓದುಗರು ಖಚಿತಪಡಿಸಿಕೊಂಡು ವ್ಯವಹರಿಸಬೇಕು. ಇದಕ್ಕೆ ಪತ್ರಿಕೆ ಜವಾಬ್ದಾರಿಯಲ್ಲ.
- ಜಾಹೀರಾತು ವ್ಯವಸ್ಥಾಪಕರು
WANTED
PHOTOSHOP WORKER & HELPER BOY FOR PHOTO STUDIO
Contact:
9448473126
9480395640
ಬೇಕಾಗಿದ್ದಾರೆ
ಸೆಕ್ಯೂರಿಟಿ ಗಾರ್ಡ್ & ಸೂಪರ್‌ವೈಸರ್‌ಗಳು
ಕೆಲಸ ಮಾಡಲು ಬೇಕಾಗಿದ್ದಾರೆ.
Security guard
salary: 9000 to 11000
Security supervisor
salary: 12000 to 15000
Cont: Patel Nagar, Bellary
9341689998,
9343658882
Editor, Printed and Published by T.Ganesh Kumar for M/s Honey Printers, from No.2, Vishvesvaraiah Lorry Terminal, Bellary and Printed at web Offset Press No.2 Vishvesvaraiah Lorry Terminal, Bellary-583101. RNI No-69151/97.
